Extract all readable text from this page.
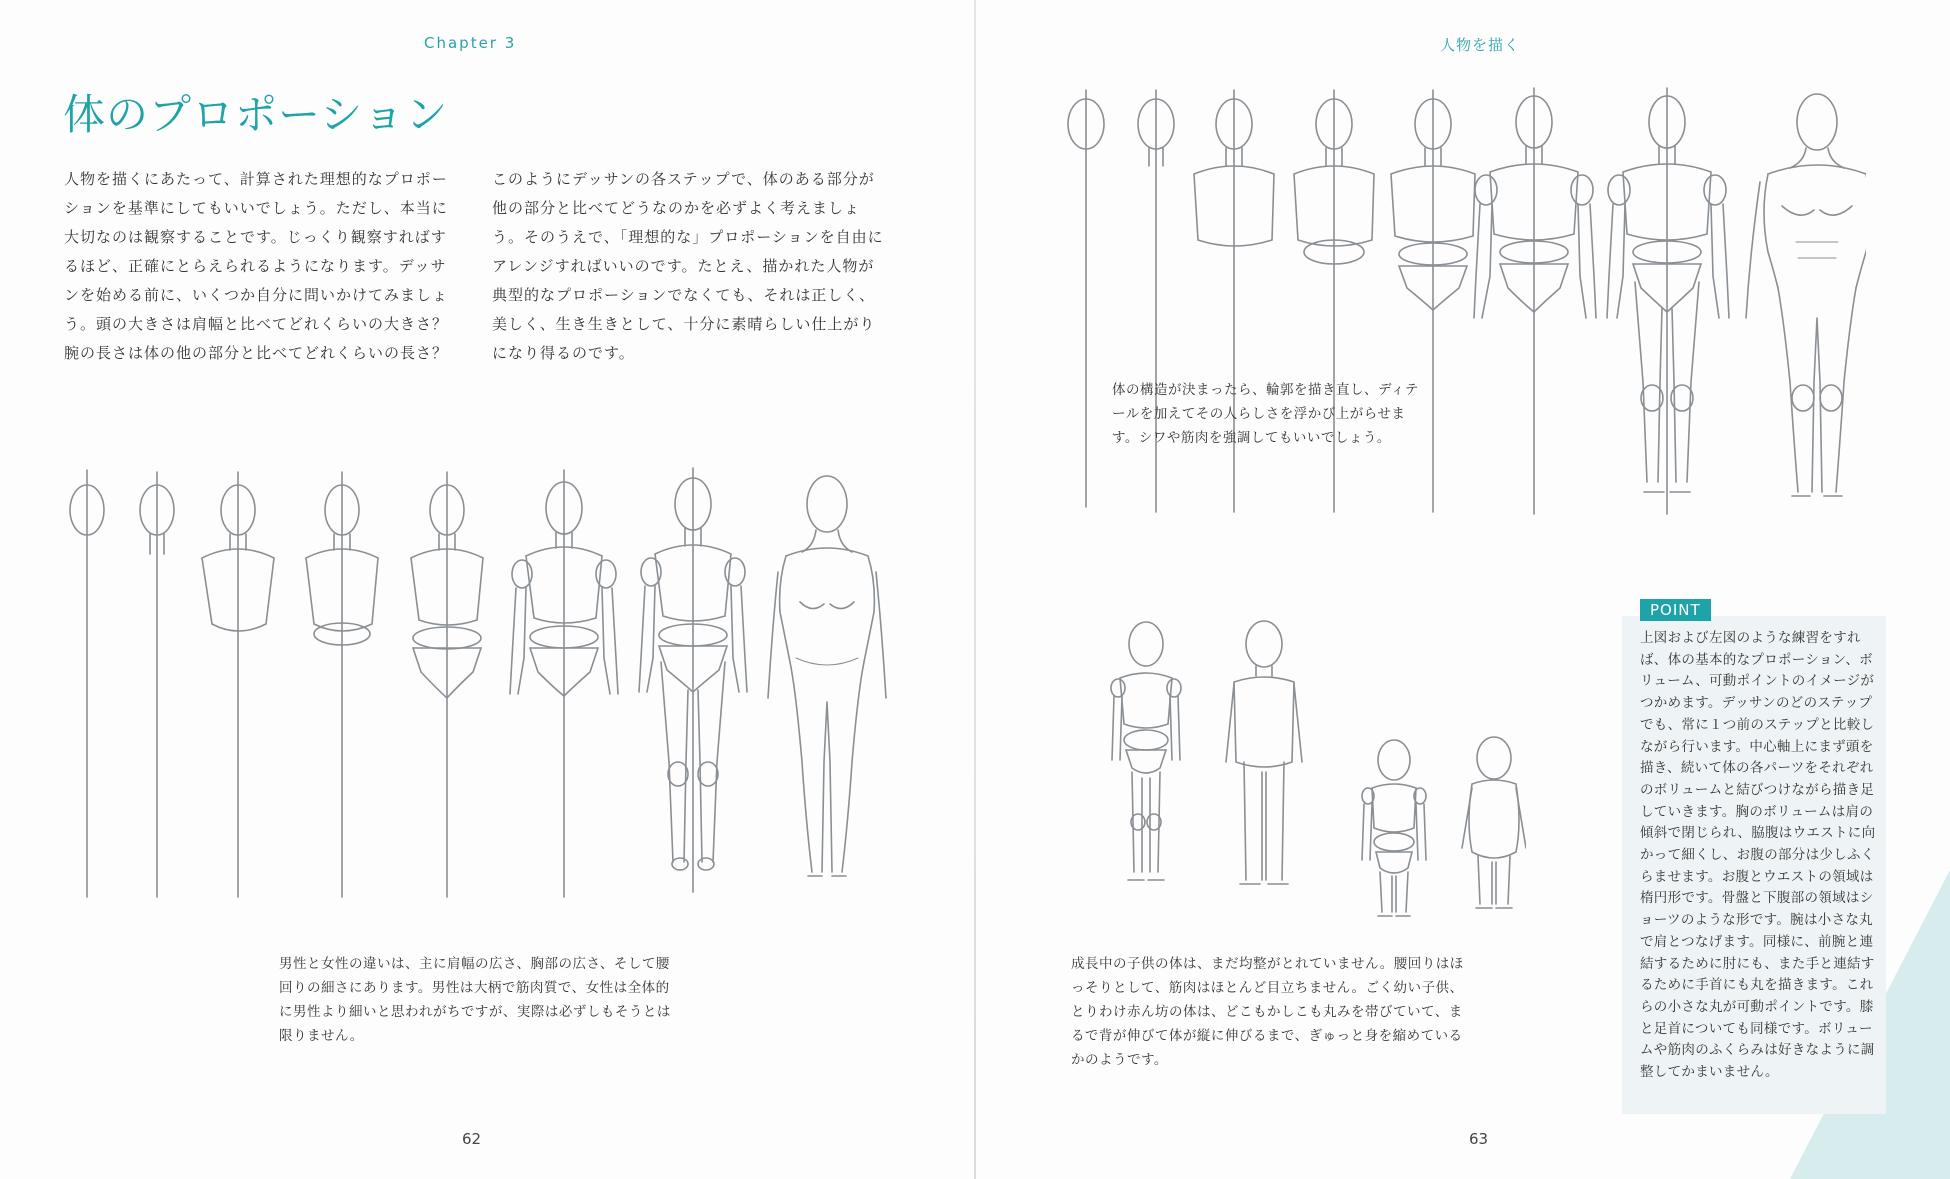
Chapter 3
体のプロポーション

人物を描くにあたって、計算された理想的なプロポーションを基準にしてもいいでしょう。ただし、本当に大切なのは観察することです。じっくり観察すればするほど、正確にとらえられるようになります。デッサンを始める前に、いくつか自分に問いかけてみましょう。頭の大きさは肩幅と比べてどれくらいの大きさ？ 腕の長さは体の他の部分と比べてどれくらいの長さ？

このようにデッサンの各ステップで、体のある部分が他の部分と比べてどうなのかを必ずよく考えましょう。そのうえで、「理想的な」プロポーションを自由にアレンジすればいいのです。たとえ、描かれた人物が典型的なプロポーションでなくても、それは正しく、美しく、生き生きとして、十分に素晴らしい仕上がりになり得るのです。

男性と女性の違いは、主に肩幅の広さ、胸部の広さ、そして腰回りの細さにあります。男性は大柄で筋肉質で、女性は全体的に男性より細いと思われがちですが、実際は必ずしもそうとは限りません。

62
人物を描く

体の構造が決まったら、輪郭を描き直し、ディテールを加えてその人らしさを浮かび上がらせます。シワや筋肉を強調してもいいでしょう。

成長中の子供の体は、まだ均整がとれていません。腰回りはほっそりとして、筋肉はほとんど目立ちません。ごく幼い子供、とりわけ赤ん坊の体は、どこもかしこも丸みを帯びていて、まるで背が伸びて体が縦に伸びるまで、ぎゅっと身を縮めているかのようです。

63
POINT

上図および左図のような練習をすれば、体の基本的なプロポーション、ボリューム、可動ポイントのイメージがつかめます。デッサンのどのステップでも、常に１つ前のステップと比較しながら行います。中心軸上にまず頭を描き、続いて体の各パーツをそれぞれのボリュームと結びつけながら描き足していきます。胸のボリュームは肩の傾斜で閉じられ、脇腹はウエストに向かって細くし、お腹の部分は少しふくらませます。お腹とウエストの領域は楕円形です。骨盤と下腹部の領域はショーツのような形です。腕は小さな丸で肩とつなげます。同様に、前腕と連結するために肘にも、また手と連結するために手首にも丸を描きます。これらの小さな丸が可動ポイントです。膝と足首についても同様です。ボリュームや筋肉のふくらみは好きなように調整してかまいません。
